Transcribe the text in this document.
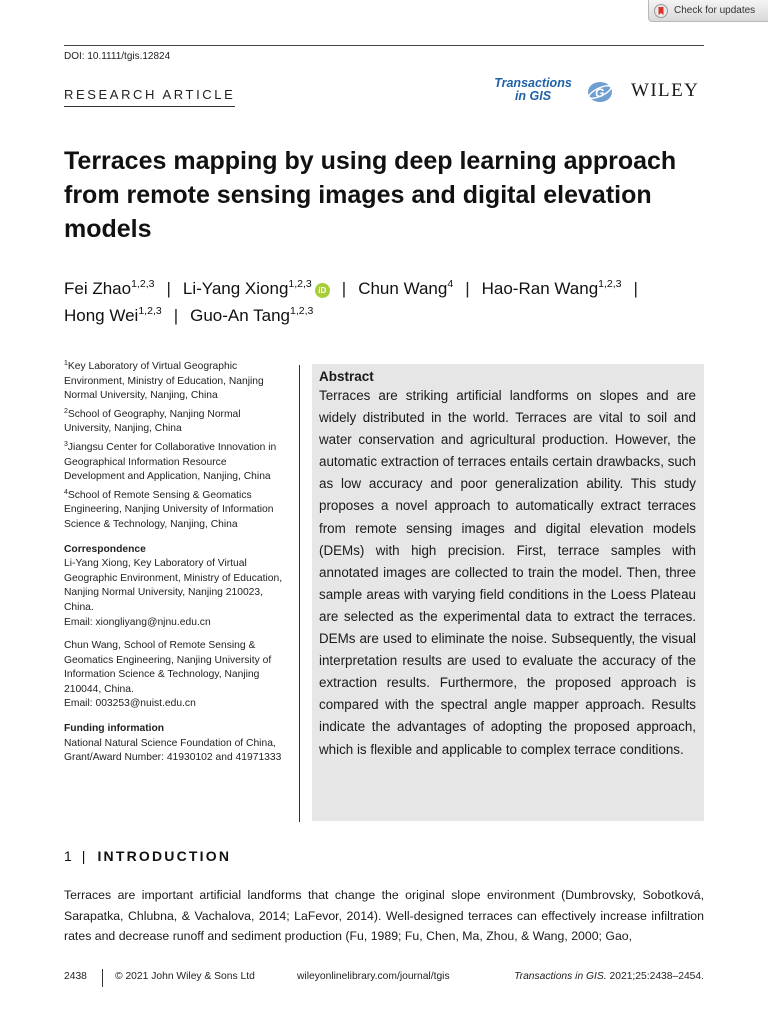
Check for updates
DOI: 10.1111/tgis.12824
RESEARCH ARTICLE
Transactions
in GIS	G WILEY
Terraces mapping by using deep learning approach from remote sensing images and digital elevation models
Fei Zhao$^{1,2,3}$ | Li-Yang Xiong$^{1,2,3}$iD | Chun Wang$^4$ | Hao-Ran Wang$^{1,2,3}$ |
Hong Wei$^{1,2,3}$ | Guo-An Tang$^{1,2,3}$

$^1$Key Laboratory of Virtual Geographic Environment, Ministry of Education, Nanjing Normal University, Nanjing, China

$^2$School of Geography, Nanjing Normal University, Nanjing, China

$^3$Jiangsu Center for Collaborative Innovation in Geographical Information Resource Development and Application, Nanjing, China

$^4$School of Remote Sensing & Geomatics Engineering, Nanjing University of Information Science & Technology, Nanjing, China

Correspondence

Li-Yang Xiong, Key Laboratory of Virtual Geographic Environment, Ministry of Education, Nanjing Normal University, Nanjing 210023, China.
Email: xiongliyang@njnu.edu.cn
Chun Wang, School of Remote Sensing & Geomatics Engineering, Nanjing University of Information Science & Technology, Nanjing 210044, China.
Email: 003253@nuist.edu.cn

Funding information

National Natural Science Foundation of China, Grant/Award Number: 41930102 and 41971333

Abstract

Terraces are striking artificial landforms on slopes and are widely distributed in the world. Terraces are vital to soil and water conservation and agricultural production. However, the automatic extraction of terraces entails certain drawbacks, such as low accuracy and poor generalization ability. This study proposes a novel approach to automatically extract terraces from remote sensing images and digital elevation models (DEMs) with high precision. First, terrace samples with annotated images are collected to train the model. Then, three sample areas with varying field conditions in the Loess Plateau are selected as the experimental data to extract the terraces. DEMs are used to eliminate the noise. Subsequently, the visual interpretation results are used to evaluate the accuracy of the extraction results. Furthermore, the proposed approach is compared with the spectral angle mapper approach. Results indicate the advantages of adopting the proposed approach, which is flexible and applicable to complex terrace conditions.

1 | INTRODUCTION

Terraces are important artificial landforms that change the original slope environment (Dumbrovsky, Sobotková, Sarapatka, Chlubna, & Vachalova, 2014; LaFevor, 2014). Well-designed terraces can effectively increase infiltration rates and decrease runoff and sediment production (Fu, 1989; Fu, Chen, Ma, Zhou, & Wang, 2000; Gao,

2438	© 2021 John Wiley & Sons Ltd	wileyonlinelibrary.com/journal/tgis	Transactions in GIS. 2021;25:2438–2454.
